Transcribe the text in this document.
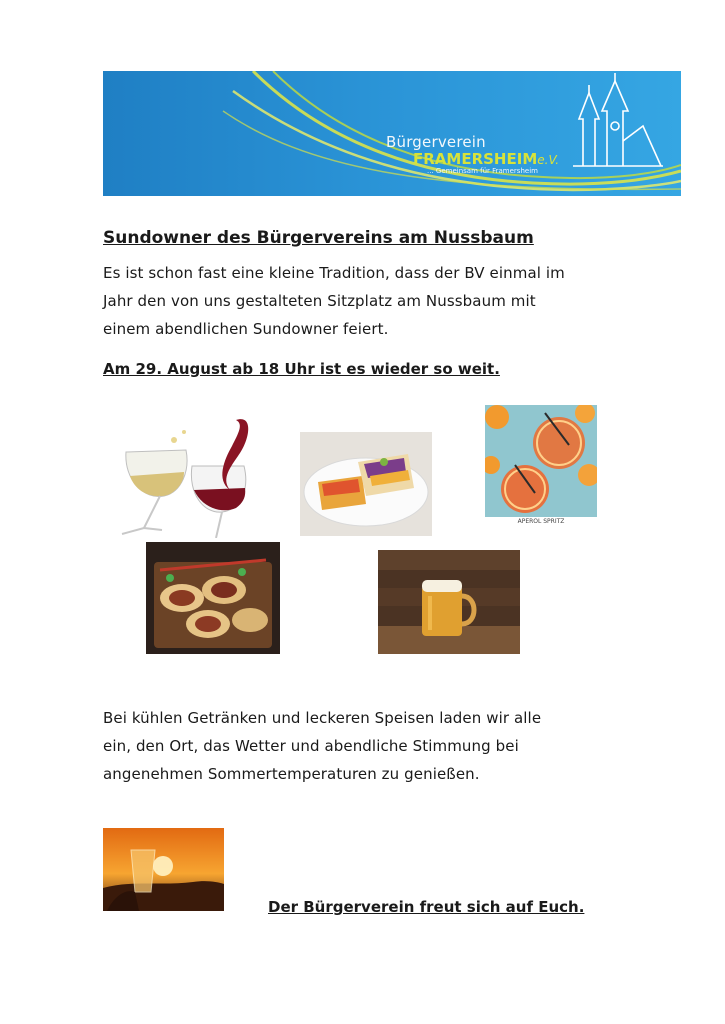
Bürgerverein
FRAMERSHEIMe.V.
... Gemeinsam für Framersheim
Sundowner des Bürgervereins am Nussbaum
Es ist schon fast eine kleine Tradition, dass der BV einmal im
Jahr den von uns gestalteten Sitzplatz am Nussbaum mit
einem abendlichen Sundowner feiert.
Am 29. August ab 18 Uhr ist es wieder so weit.
APEROL SPRITZ
Bei kühlen Getränken und leckeren Speisen laden wir alle
ein, den Ort, das Wetter und abendliche Stimmung bei
angenehmen Sommertemperaturen zu genießen.
Der Bürgerverein freut sich auf Euch.
